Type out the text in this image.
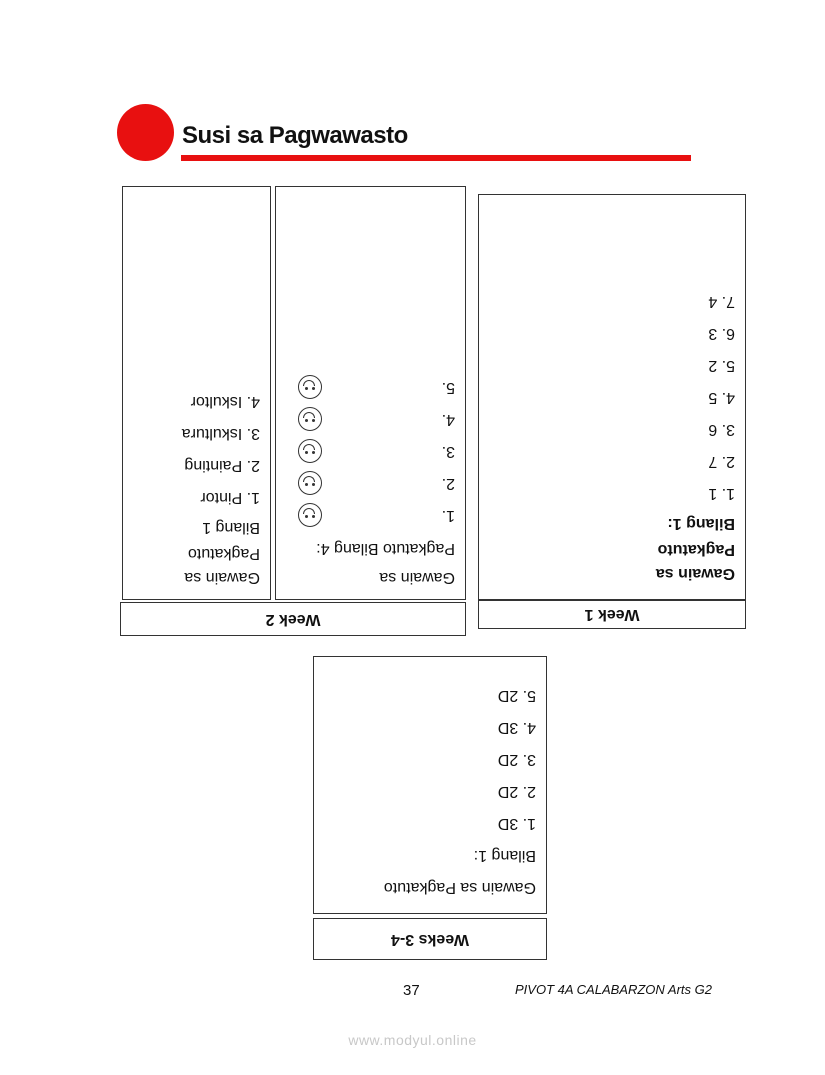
Susi sa Pagwawasto
Gawain sa
Pagkatuto
Bilang 1:
1. 1
2. 7
3. 6
4. 5
5. 2
6. 3
7. 4
Week 1
Gawain sa
Pagkatuto
Bilang 1
1. Pintor
2. Painting
3. Iskultura
4. Iskultor
Gawain sa
Pagkatuto Bilang 4:
1.
2.
3.
4.
5.
Week 2
Gawain sa Pagkatuto
Bilang 1:
1. 3D
2. 2D
3. 2D
4. 3D
5. 2D
Weeks 3-4
37	PIVOT 4A CALABARZON Arts G2
www.modyul.online
